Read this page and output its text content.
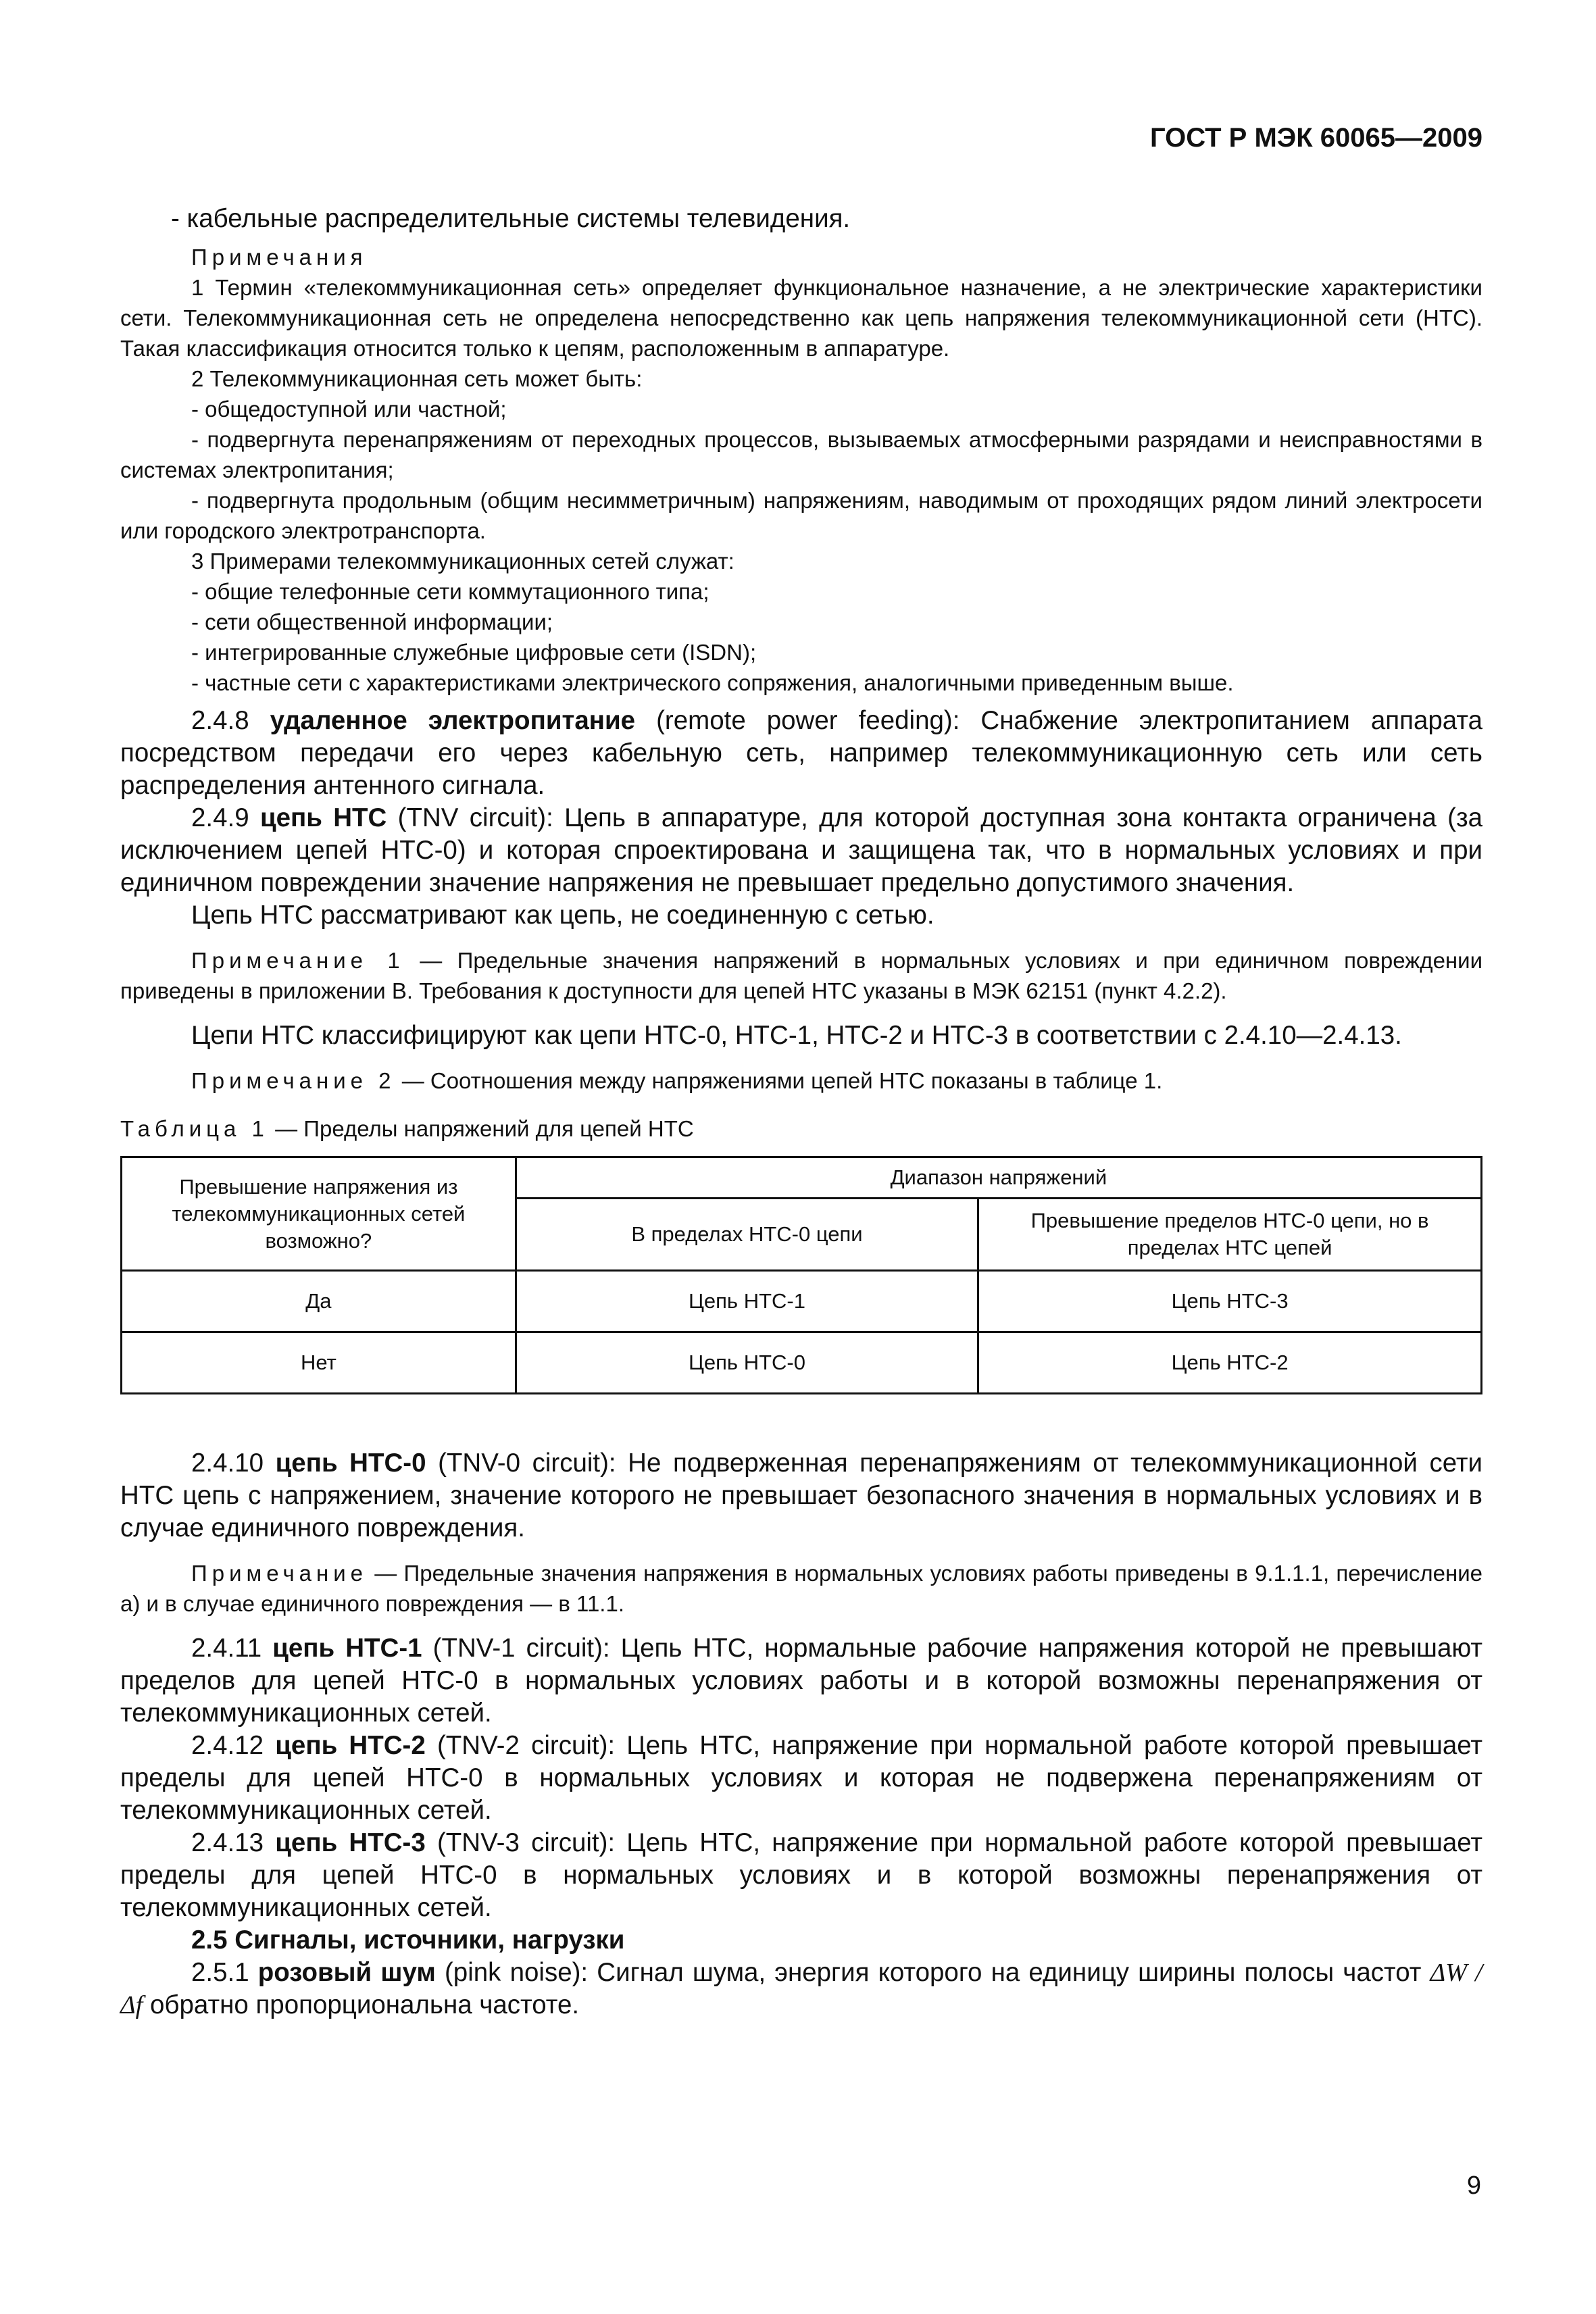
ГОСТ Р МЭК 60065—2009

- кабельные распределительные системы телевидения.

Примечания

1 Термин «телекоммуникационная сеть» определяет функциональное назначение, а не электрические характеристики сети. Телекоммуникационная сеть не определена непосредственно как цепь напряжения телекоммуникационной сети (НТС). Такая классификация относится только к цепям, расположенным в аппаратуре.

2 Телекоммуникационная сеть может быть:

- общедоступной или частной;

- подвергнута перенапряжениям от переходных процессов, вызываемых атмосферными разрядами и неисправностями в системах электропитания;

- подвергнута продольным (общим несимметричным) напряжениям, наводимым от проходящих рядом линий электросети или городского электротранспорта.

3 Примерами телекоммуникационных сетей служат:

- общие телефонные сети коммутационного типа;

- сети общественной информации;

- интегрированные служебные цифровые сети (ISDN);

- частные сети с характеристиками электрического сопряжения, аналогичными приведенным выше.

2.4.8 удаленное электропитание (remote power feeding): Снабжение электропитанием аппарата посредством передачи его через кабельную сеть, например телекоммуникационную сеть или сеть распределения антенного сигнала.

2.4.9 цепь НТС (TNV circuit): Цепь в аппаратуре, для которой доступная зона контакта ограничена (за исключением цепей НТС-0) и которая спроектирована и защищена так, что в нормальных условиях и при единичном повреждении значение напряжения не превышает предельно допустимого значения.

Цепь НТС рассматривают как цепь, не соединенную с сетью.

Примечание 1 — Предельные значения напряжений в нормальных условиях и при единичном повреждении приведены в приложении В. Требования к доступности для цепей НТС указаны в МЭК 62151 (пункт 4.2.2).

Цепи НТС классифицируют как цепи НТС-0, НТС-1, НТС-2 и НТС-3 в соответствии с 2.4.10—2.4.13.

Примечание 2 — Соотношения между напряжениями цепей НТС показаны в таблице 1.

Таблица 1 — Пределы напряжений для цепей НТС

Превышение напряжения из телекоммуникационных сетей возможно?	Диапазон напряжений	
	В пределах НТС-0 цепи	Превышение пределов НТС-0 цепи, но в пределах НТС цепей
Да	Цепь НТС-1	Цепь НТС-3
Нет	Цепь НТС-0	Цепь НТС-2

2.4.10 цепь НТС-0 (TNV-0 circuit): Не подверженная перенапряжениям от телекоммуникационной сети НТС цепь с напряжением, значение которого не превышает безопасного значения в нормальных условиях и в случае единичного повреждения.

Примечание — Предельные значения напряжения в нормальных условиях работы приведены в 9.1.1.1, перечисление а) и в случае единичного повреждения — в 11.1.

2.4.11 цепь НТС-1 (TNV-1 circuit): Цепь НТС, нормальные рабочие напряжения которой не превышают пределов для цепей НТС-0 в нормальных условиях работы и в которой возможны перенапряжения от телекоммуникационных сетей.

2.4.12 цепь НТС-2 (TNV-2 circuit): Цепь НТС, напряжение при нормальной работе которой превышает пределы для цепей НТС-0 в нормальных условиях и которая не подвержена перенапряжениям от телекоммуникационных сетей.

2.4.13 цепь НТС-3 (TNV-3 circuit): Цепь НТС, напряжение при нормальной работе которой превышает пределы для цепей НТС-0 в нормальных условиях и в которой возможны перенапряжения от телекоммуникационных сетей.

2.5 Сигналы, источники, нагрузки

2.5.1 розовый шум (pink noise): Сигнал шума, энергия которого на единицу ширины полосы частот ΔW / Δf обратно пропорциональна частоте.

9
